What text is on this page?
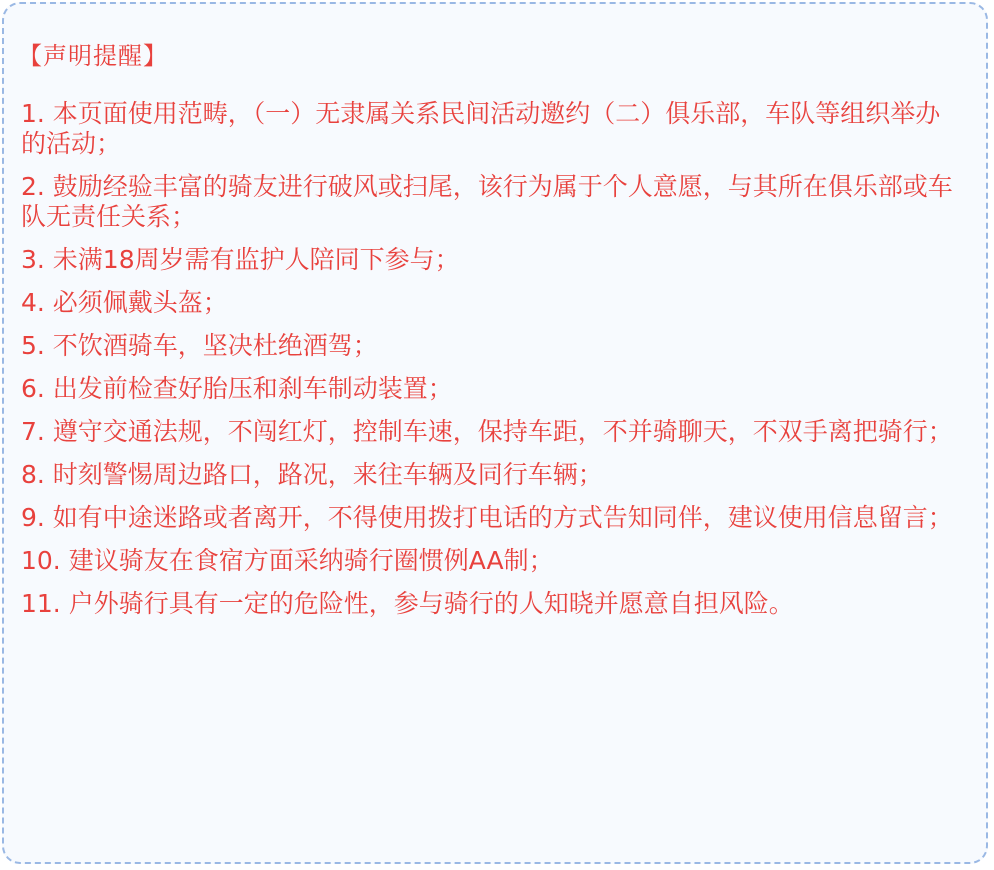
【声明提醒】
1. 本页面使用范畴，（一）无隶属关系民间活动邀约（二）俱乐部，车队等组织举办的活动；
2. 鼓励经验丰富的骑友进行破风或扫尾，该行为属于个人意愿，与其所在俱乐部或车队无责任关系；
3. 未满18周岁需有监护人陪同下参与；
4. 必须佩戴头盔；
5. 不饮酒骑车，坚决杜绝酒驾；
6. 出发前检查好胎压和刹车制动装置；
7. 遵守交通法规，不闯红灯，控制车速，保持车距，不并骑聊天，不双手离把骑行；
8. 时刻警惕周边路口，路况，来往车辆及同行车辆；
9. 如有中途迷路或者离开，不得使用拨打电话的方式告知同伴，建议使用信息留言；
10. 建议骑友在食宿方面采纳骑行圈惯例AA制；
11. 户外骑行具有一定的危险性，参与骑行的人知晓并愿意自担风险。
